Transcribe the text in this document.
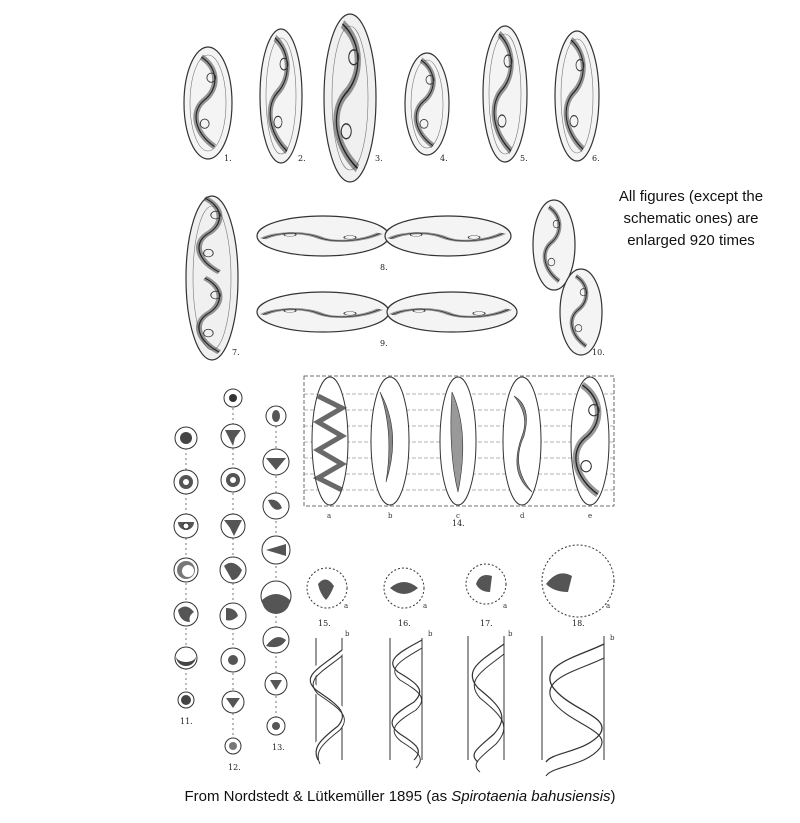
1.	2.	3.	4.	5.	6.
7.
8.
9.
10.
11.
12.
13.
a	b	c	d	e
14.
a	a	a	a
15.	16.	17.	18.
b	b	b	b
All figures (except the
schematic ones) are
enlarged 920 times
From Nordstedt & Lütkemüller 1895 (as Spirotaenia bahusiensis)
